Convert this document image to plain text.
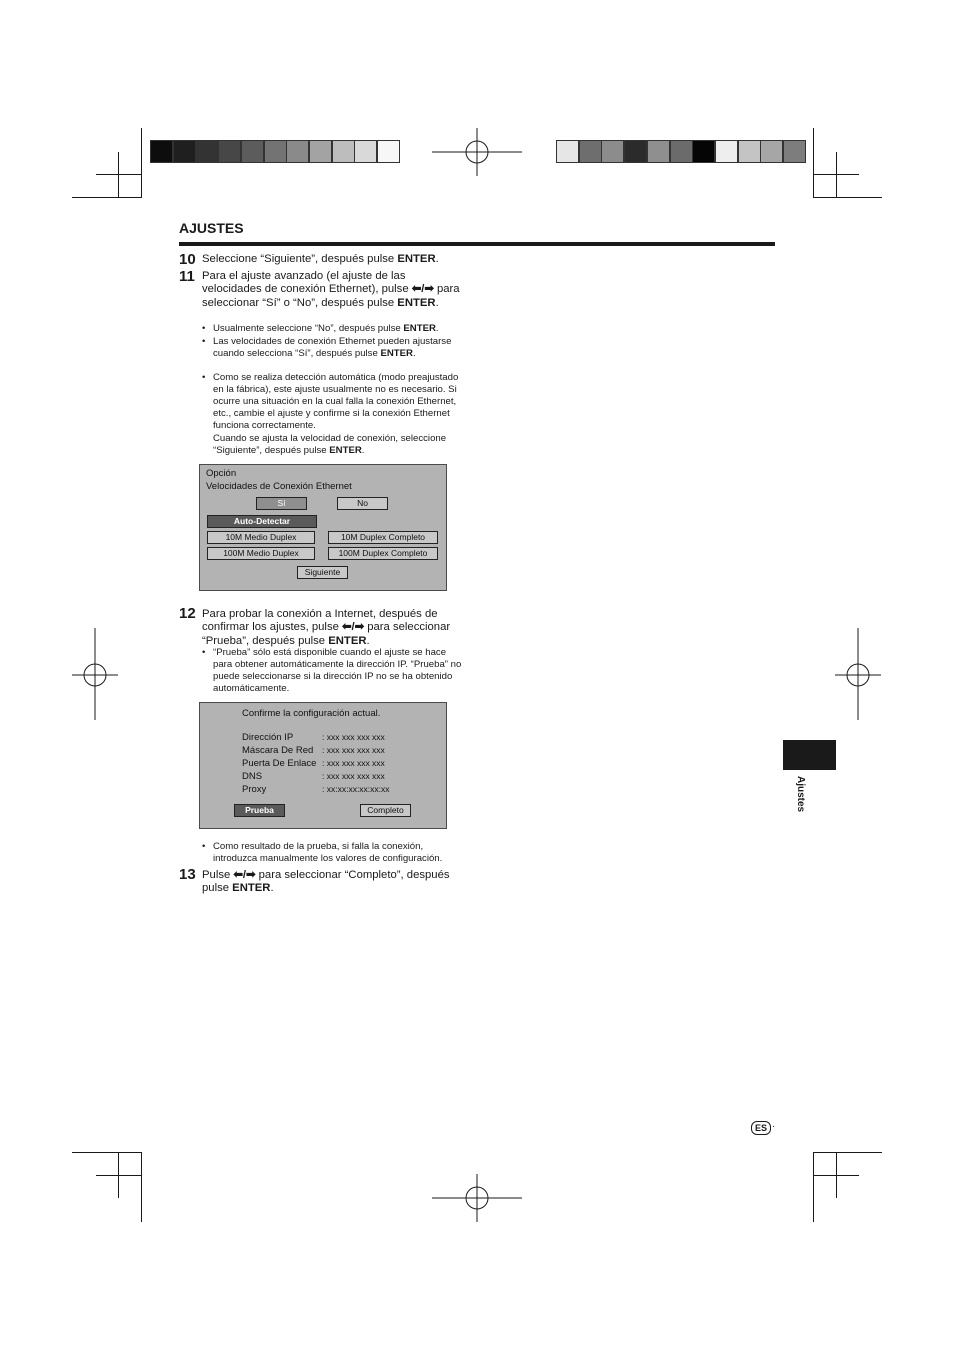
AJUSTES
10 Seleccione “Siguiente”, después pulse ENTER.
11 Para el ajuste avanzado (el ajuste de las velocidades de conexión Ethernet), pulse ⬅/➡ para seleccionar “Sí” o “No”, después pulse ENTER.
• Usualmente seleccione “No”, después pulse ENTER.
• Las velocidades de conexión Ethernet pueden ajustarse cuando selecciona “Sí”, después pulse ENTER.
• Como se realiza detección automática (modo preajustado en la fábrica), este ajuste usualmente no es necesario. Si ocurre una situación en la cual falla la conexión Ethernet, etc., cambie el ajuste y confirme si la conexión Ethernet funciona correctamente.
Cuando se ajusta la velocidad de conexión, seleccione “Siguiente”, después pulse ENTER.
Opción
Velocidades de Conexión Ethernet
Sí	No
Auto-Detectar
10M Medio Duplex	10M Duplex Completo
100M Medio Duplex	100M Duplex Completo
Siguiente
12 Para probar la conexión a Internet, después de confirmar los ajustes, pulse ⬅/➡ para seleccionar “Prueba”, después pulse ENTER.
• “Prueba” sólo está disponible cuando el ajuste se hace para obtener automáticamente la dirección IP. “Prueba” no puede seleccionarse si la dirección IP no se ha obtenido automáticamente.
Confirme la configuración actual.
Dirección IP	: xxx xxx xxx xxx
Máscara De Red : xxx xxx xxx xxx
Puerta De Enlace : xxx xxx xxx xxx
DNS	: xxx xxx xxx xxx
Proxy	: xx:xx:xx:xx:xx:xx
Prueba	Completo
• Como resultado de la prueba, si falla la conexión, introduzca manualmente los valores de configuración.
13 Pulse ⬅/➡ para seleccionar “Completo”, después pulse ENTER.
Ajustes
ES ·
